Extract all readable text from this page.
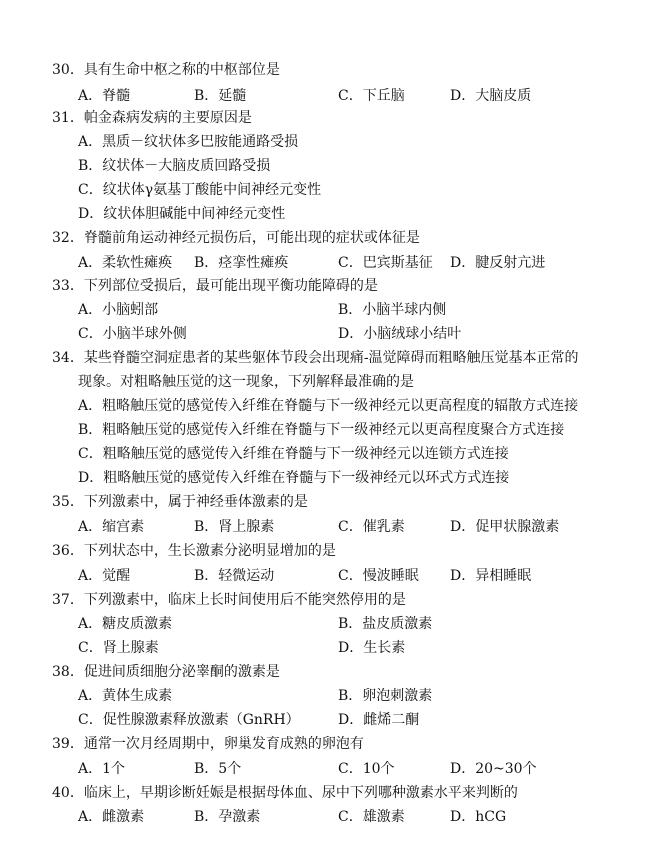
30．具有生命中枢之称的中枢部位是
A．脊髓	B．延髓	C．下丘脑	D．大脑皮质
31．帕金森病发病的主要原因是
A．黑质－纹状体多巴胺能通路受损
B．纹状体－大脑皮质回路受损
C．纹状体γ氨基丁酸能中间神经元变性
D．纹状体胆碱能中间神经元变性
32．脊髓前角运动神经元损伤后，可能出现的症状或体征是
A．柔软性瘫痪 B．痉挛性瘫痪	C．巴宾斯基征 D．腱反射亢进
33．下列部位受损后，最可能出现平衡功能障碍的是
A．小脑蚓部	B．小脑半球内侧
C．小脑半球外侧	D．小脑绒球小结叶
34．某些脊髓空洞症患者的某些躯体节段会出现痛-温觉障碍而粗略触压觉基本正常的
现象。对粗略触压觉的这一现象，下列解释最准确的是
A．粗略触压觉的感觉传入纤维在脊髓与下一级神经元以更高程度的辐散方式连接
B．粗略触压觉的感觉传入纤维在脊髓与下一级神经元以更高程度聚合方式连接
C．粗略触压觉的感觉传入纤维在脊髓与下一级神经元以连锁方式连接
D．粗略触压觉的感觉传入纤维在脊髓与下一级神经元以环式方式连接
35．下列激素中，属于神经垂体激素的是
A．缩宫素	B．肾上腺素	C．催乳素	D．促甲状腺激素
36．下列状态中，生长激素分泌明显增加的是
A．觉醒	B．轻微运动	C．慢波睡眠 D．异相睡眠
37．下列激素中，临床上长时间使用后不能突然停用的是
A．糖皮质激素	B．盐皮质激素
C．肾上腺素	D．生长素
38．促进间质细胞分泌睾酮的激素是
A．黄体生成素	B．卵泡刺激素
C．促性腺激素释放激素（GnRH）	D．雌烯二酮
39．通常一次月经周期中，卵巢发育成熟的卵泡有
A．1个	B．5个	C．10个	D．20~30个
40．临床上，早期诊断妊娠是根据母体血、尿中下列哪种激素水平来判断的
A．雌激素	B．孕激素	C．雄激素	D．hCG
